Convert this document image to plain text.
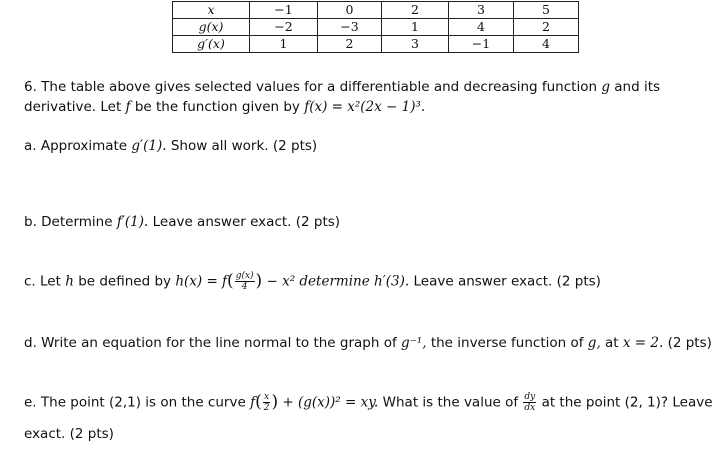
x	−1	0	2	3	5
g(x)	−2	−3	1	4	2
g′(x)	1	2	3	−1	4
6. The table above gives selected values for a differentiable and decreasing function g and its
derivative. Let f be the function given by f(x) = x²(2x − 1)³.
a. Approximate g′(1). Show all work. (2 pts)
b. Determine f′(1). Leave answer exact. (2 pts)
c. Let h be defined by $h(x) = f( \frac{g(x)}{4}$ ) − x² determine h′(3). Leave answer exact. (2 pts)
d. Write an equation for the line normal to the graph of g⁻¹, the inverse function of g, at x = 2. (2 pts)
e. The point (2,1) is on the curve $f( \frac{x}{2}$ ) + (g(x))² = xy. What is the value of $\frac{dy}{dx}$ at the point (2, 1)? Leave
exact. (2 pts)
